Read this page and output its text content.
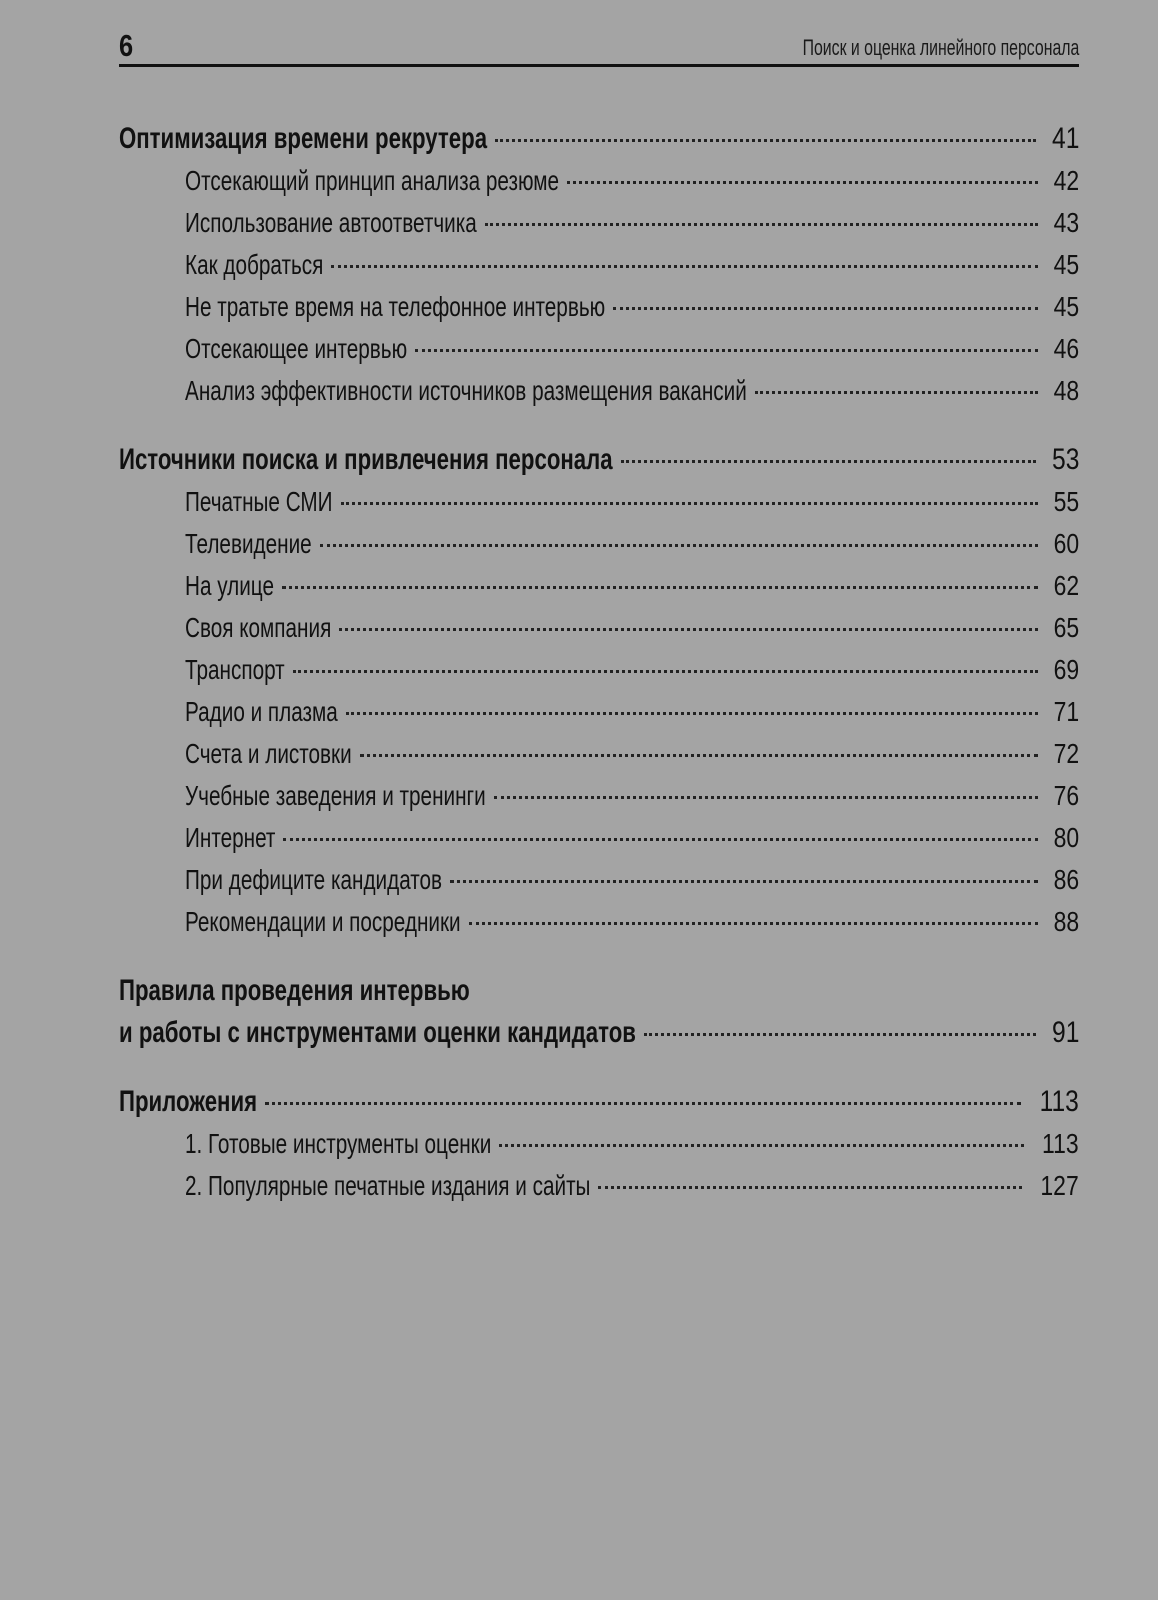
6	Поиск и оценка линейного персонала
Оптимизация времени рекрутера	41
Отсекающий принцип анализа резюме	42
Использование автоответчика	43
Как добраться	45
Не тратьте время на телефонное интервью	45
Отсекающее интервью	46
Анализ эффективности источников размещения вакансий	48
Источники поиска и привлечения персонала	53
Печатные СМИ	55
Телевидение	60
На улице	62
Своя компания	65
Транспорт	69
Радио и плазма	71
Счета и листовки	72
Учебные заведения и тренинги	76
Интернет	80
При дефиците кандидатов	86
Рекомендации и посредники	88
Правила проведения интервью
и работы с инструментами оценки кандидатов	91
Приложения	113
1. Готовые инструменты оценки	113
2. Популярные печатные издания и сайты	127
